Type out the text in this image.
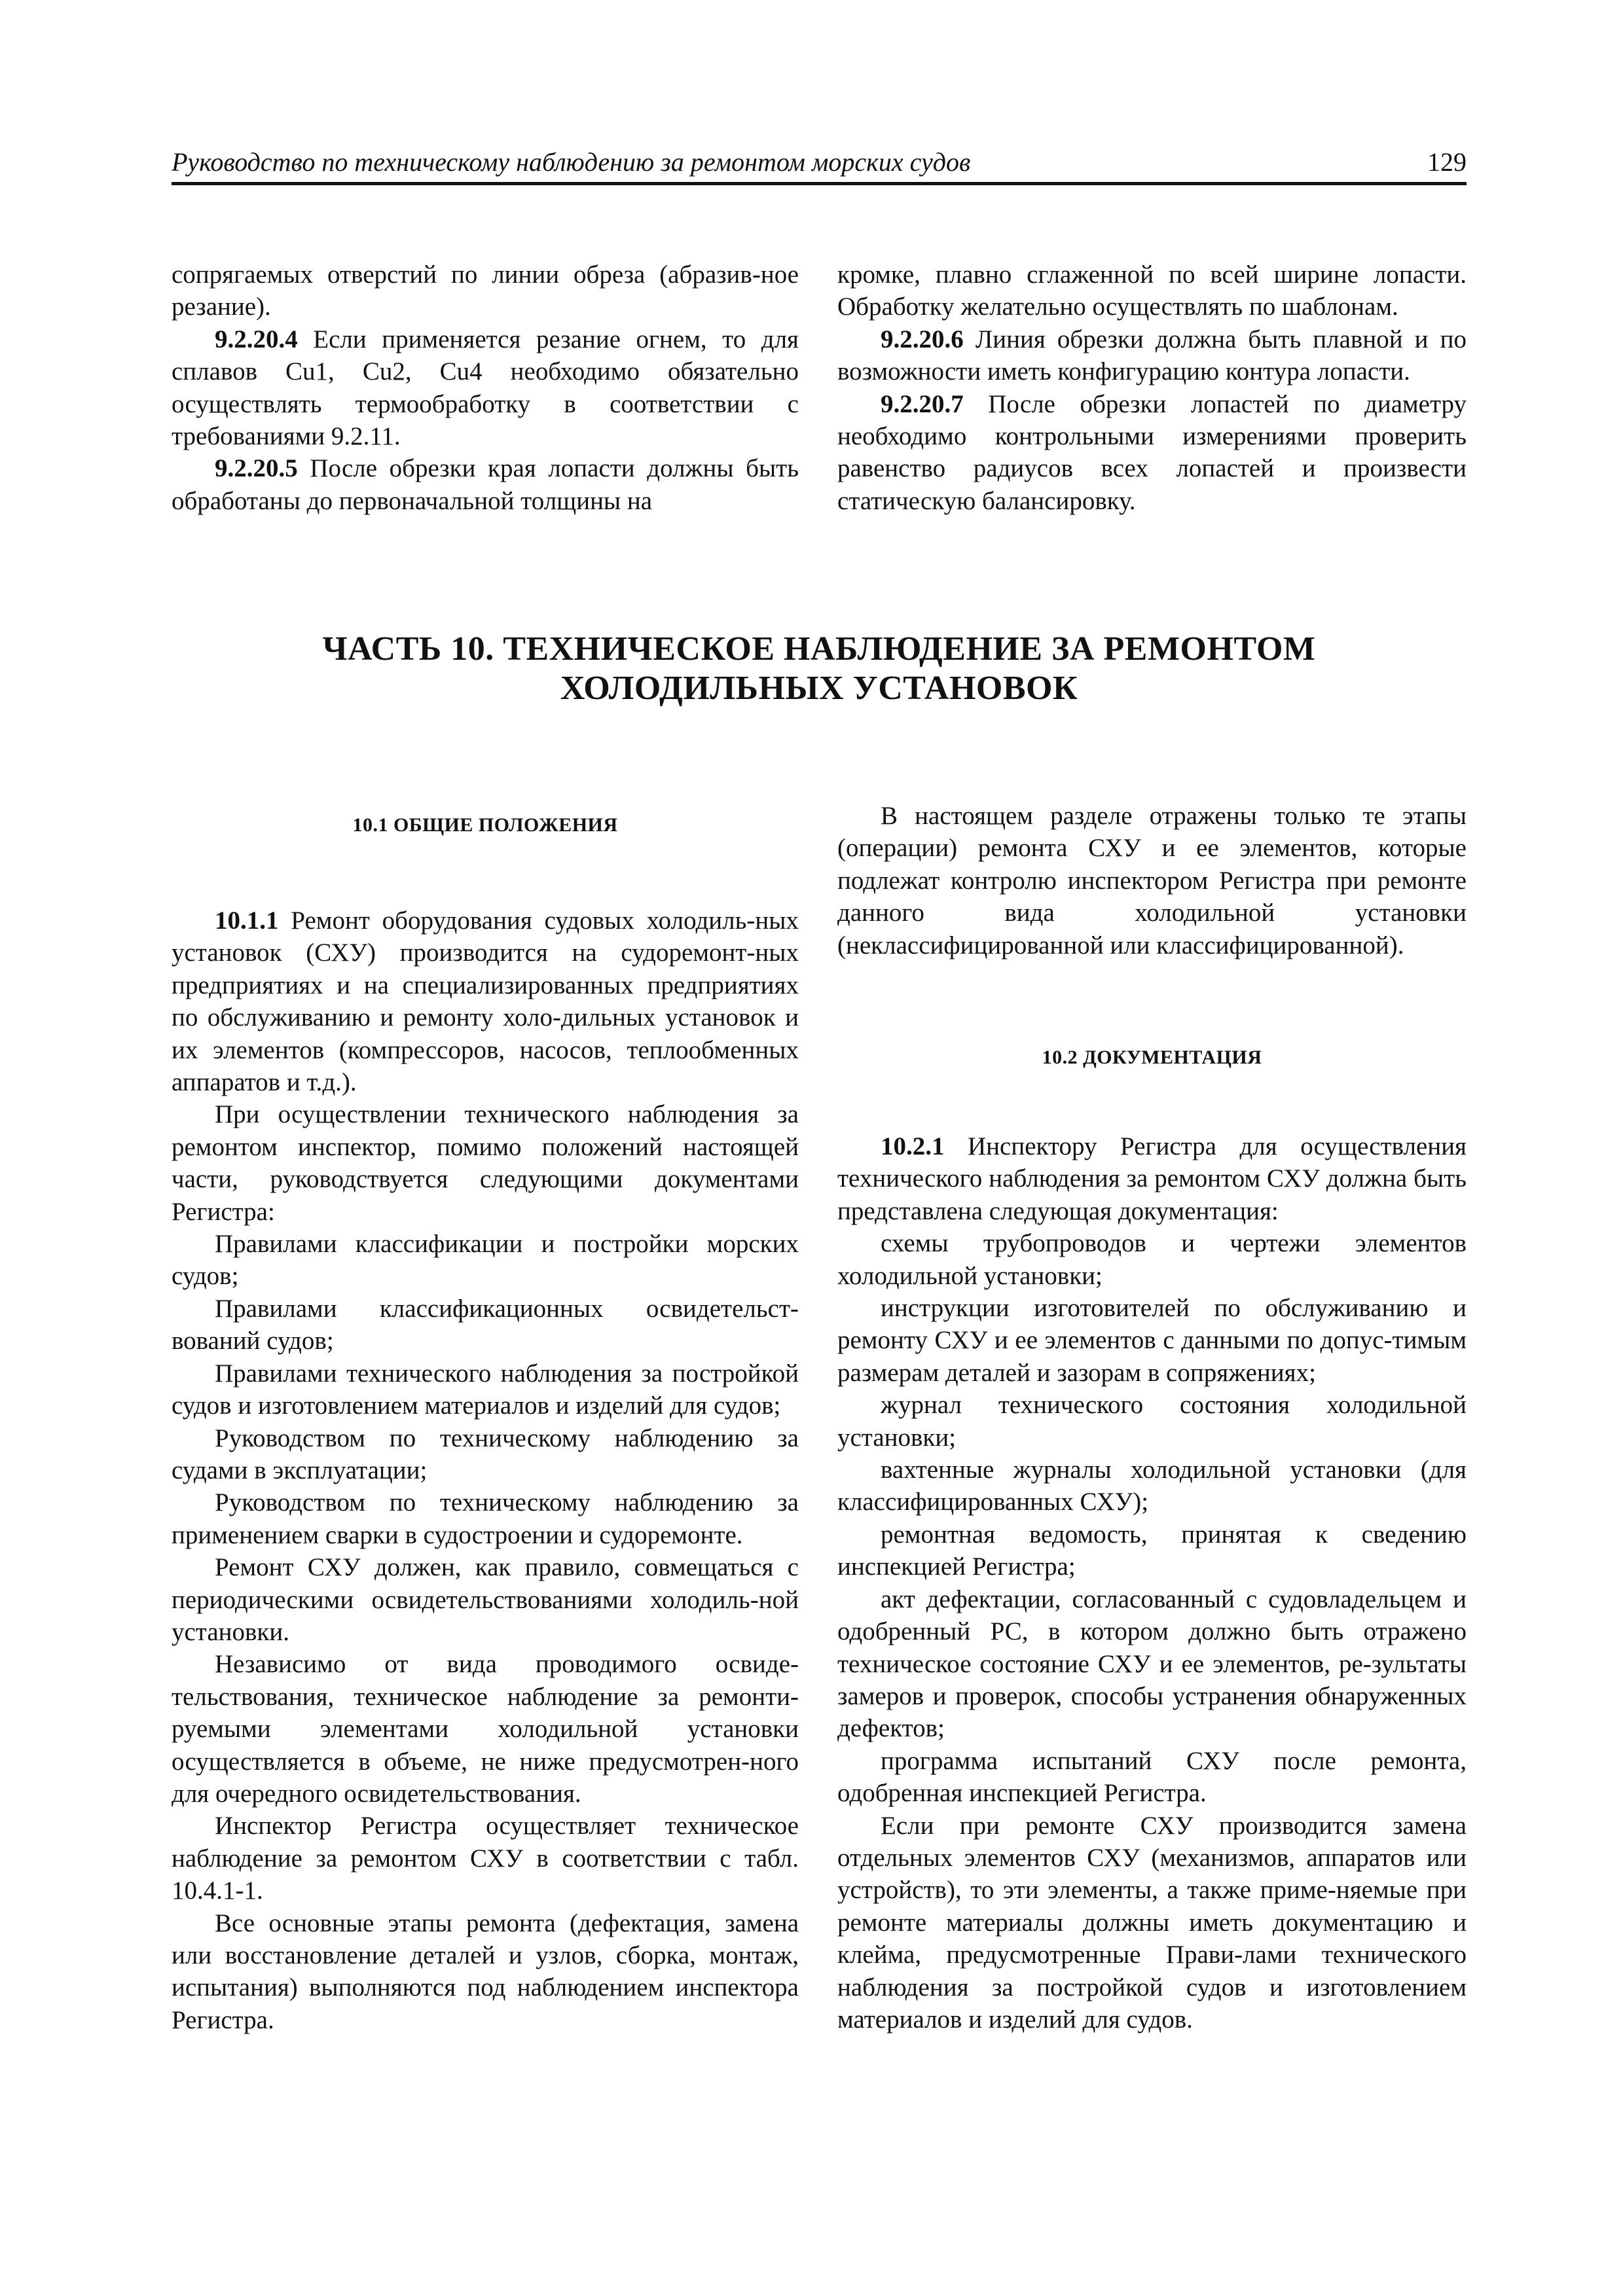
Руководство по техническому наблюдению за ремонтом морских судов	129

сопрягаемых отверстий по линии обреза (абразив-ное резание).

9.2.20.4 Если применяется резание огнем, то для сплавов Cu1, Cu2, Cu4 необходимо обязательно осуществлять термообработку в соответствии с требованиями 9.2.11.

9.2.20.5 После обрезки края лопасти должны быть обработаны до первоначальной толщины на

кромке, плавно сглаженной по всей ширине лопасти. Обработку желательно осуществлять по шаблонам.

9.2.20.6 Линия обрезки должна быть плавной и по возможности иметь конфигурацию контура лопасти.

9.2.20.7 После обрезки лопастей по диаметру необходимо контрольными измерениями проверить равенство радиусов всех лопастей и произвести статическую балансировку.

ЧАСТЬ 10. ТЕХНИЧЕСКОЕ НАБЛЮДЕНИЕ ЗА РЕМОНТОМ
ХОЛОДИЛЬНЫХ УСТАНОВОК
10.1 ОБЩИЕ ПОЛОЖЕНИЯ

10.1.1 Ремонт оборудования судовых холодиль-ных установок (СХУ) производится на судоремонт-ных предприятиях и на специализированных предприятиях по обслуживанию и ремонту холо-дильных установок и их элементов (компрессоров, насосов, теплообменных аппаратов и т.д.).

При осуществлении технического наблюдения за ремонтом инспектор, помимо положений настоящей части, руководствуется следующими документами Регистра:

Правилами классификации и постройки морских судов;

Правилами классификационных освидетельст-вований судов;

Правилами технического наблюдения за постройкой судов и изготовлением материалов и изделий для судов;

Руководством по техническому наблюдению за судами в эксплуатации;

Руководством по техническому наблюдению за применением сварки в судостроении и судоремонте.

Ремонт СХУ должен, как правило, совмещаться с периодическими освидетельствованиями холодиль-ной установки.

Независимо от вида проводимого освиде-тельствования, техническое наблюдение за ремонти-руемыми элементами холодильной установки осуществляется в объеме, не ниже предусмотрен-ного для очередного освидетельствования.

Инспектор Регистра осуществляет техническое наблюдение за ремонтом СХУ в соответствии с табл. 10.4.1-1.

Все основные этапы ремонта (дефектация, замена или восстановление деталей и узлов, сборка, монтаж, испытания) выполняются под наблюдением инспектора Регистра.

В настоящем разделе отражены только те этапы (операции) ремонта СХУ и ее элементов, которые подлежат контролю инспектором Регистра при ремонте данного вида холодильной установки (неклассифицированной или классифицированной).

10.2 ДОКУМЕНТАЦИЯ

10.2.1 Инспектору Регистра для осуществления технического наблюдения за ремонтом СХУ должна быть представлена следующая документация:

схемы трубопроводов и чертежи элементов холодильной установки;

инструкции изготовителей по обслуживанию и ремонту СХУ и ее элементов с данными по допус-тимым размерам деталей и зазорам в сопряжениях;

журнал технического состояния холодильной установки;

вахтенные журналы холодильной установки (для классифицированных СХУ);

ремонтная ведомость, принятая к сведению инспекцией Регистра;

акт дефектации, согласованный с судовладельцем и одобренный РС, в котором должно быть отражено техническое состояние СХУ и ее элементов, ре-зультаты замеров и проверок, способы устранения обнаруженных дефектов;

программа испытаний СХУ после ремонта, одобренная инспекцией Регистра.

Если при ремонте СХУ производится замена отдельных элементов СХУ (механизмов, аппаратов или устройств), то эти элементы, а также приме-няемые при ремонте материалы должны иметь документацию и клейма, предусмотренные Прави-лами технического наблюдения за постройкой судов и изготовлением материалов и изделий для судов.
